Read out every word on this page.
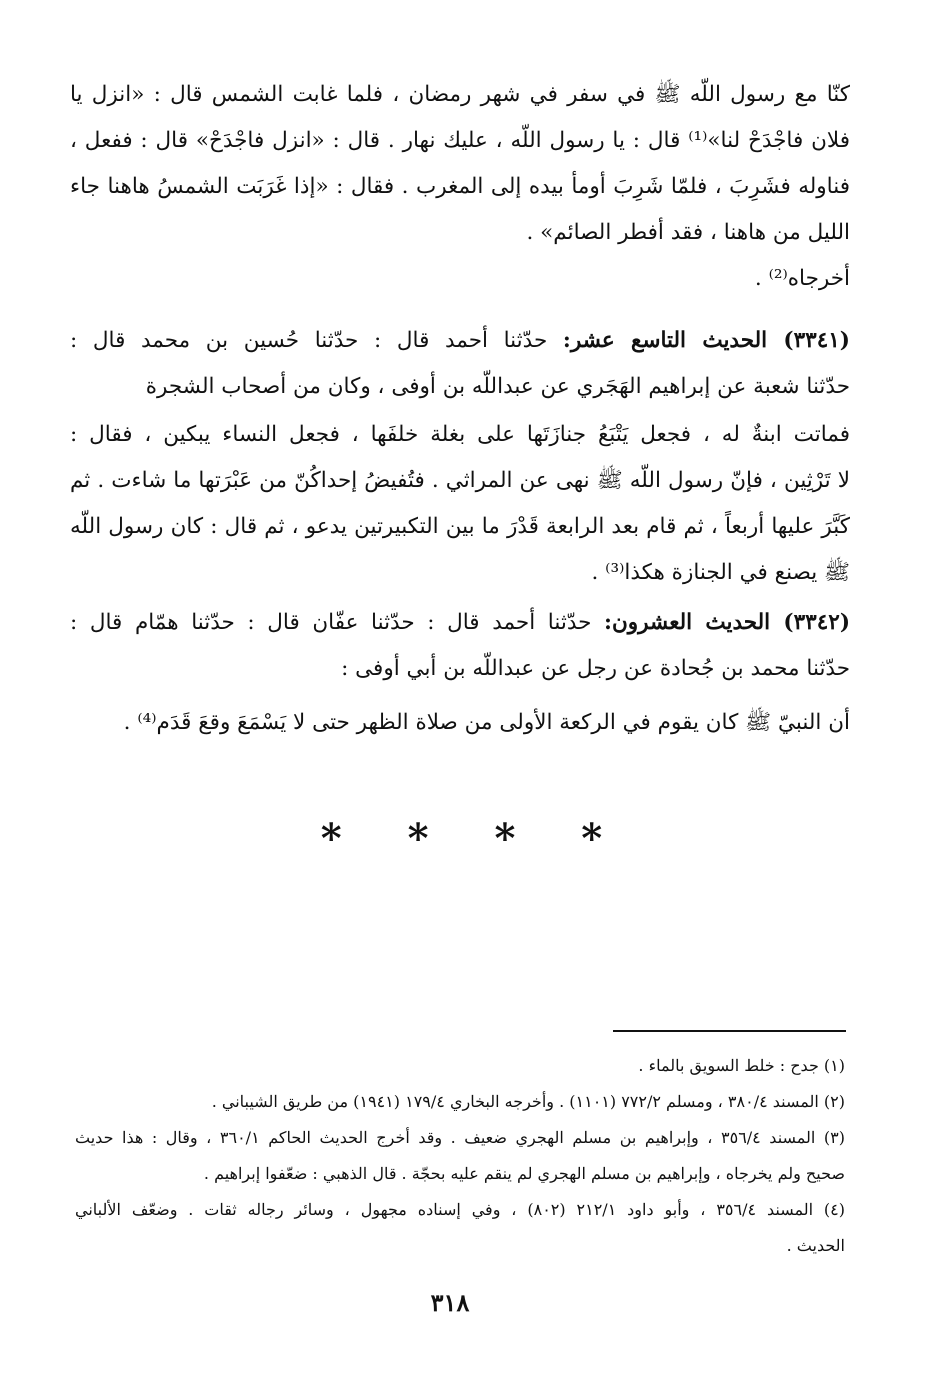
كنّا مع رسول اللّه ﷺ في سفر في شهر رمضان ، فلما غابت الشمس قال : «انزل يا
فلان فاجْدَحْ لنا»⁽¹⁾ قال : يا رسول اللّه ، عليك نهار . قال : «انزل فاجْدَحْ» قال : ففعل ،
فناوله فشَرِبَ ، فلمّا شَرِبَ أومأ بيده إلى المغرب . فقال : «إذا غَرَبَت الشمسُ هاهنا جاء
الليل من هاهنا ، فقد أفطر الصائم» .
أخرجاه⁽²⁾ .
(٣٣٤١) الحديث التاسع عشر: حدّثنا أحمد قال : حدّثنا حُسين بن محمد قال :
حدّثنا شعبة عن إبراهيم الهَجَري عن عبداللّه بن أوفى ، وكان من أصحاب الشجرة
فماتت ابنةٌ له ، فجعل يَتْبَعُ جنازَتَها على بغلة خلفَها ، فجعل النساء يبكين ، فقال :
لا تَرْثِين ، فإنّ رسول اللّه ﷺ نهى عن المراثي . فتُفيضُ إحداكُنّ من عَبْرَتها ما شاءت . ثم
كَبَّرَ عليها أربعاً ، ثم قام بعد الرابعة قَدْرَ ما بين التكبيرتين يدعو ، ثم قال : كان رسول اللّه
ﷺ يصنع في الجنازة هكذا⁽³⁾ .
(٣٣٤٢) الحديث العشرون: حدّثنا أحمد قال : حدّثنا عفّان قال : حدّثنا همّام قال :
حدّثنا محمد بن جُحادة عن رجل عن عبداللّه بن أبي أوفى :
أن النبيّ ﷺ كان يقوم في الركعة الأولى من صلاة الظهر حتى لا يَسْمَعَ وقعَ قَدَم⁽⁴⁾ .
* * * *
(١) جدح : خلط السويق بالماء .
(٢) المسند ٣٨٠/٤ ، ومسلم ٧٧٢/٢ (١١٠١) . وأخرجه البخاري ١٧٩/٤ (١٩٤١) من طريق الشيباني .
(٣) المسند ٣٥٦/٤ ، وإبراهيم بن مسلم الهجري ضعيف . وقد أخرج الحديث الحاكم ٣٦٠/١ ، وقال : هذا حديث
صحيح ولم يخرجاه ، وإبراهيم بن مسلم الهجري لم ينقم عليه بحجّة . قال الذهبي : ضعّفوا إبراهيم .
(٤) المسند ٣٥٦/٤ ، وأبو داود ٢١٢/١ (٨٠٢) ، وفي إسناده مجهول ، وسائر رجاله ثقات . وضعّف الألباني
الحديث .
٣١٨
